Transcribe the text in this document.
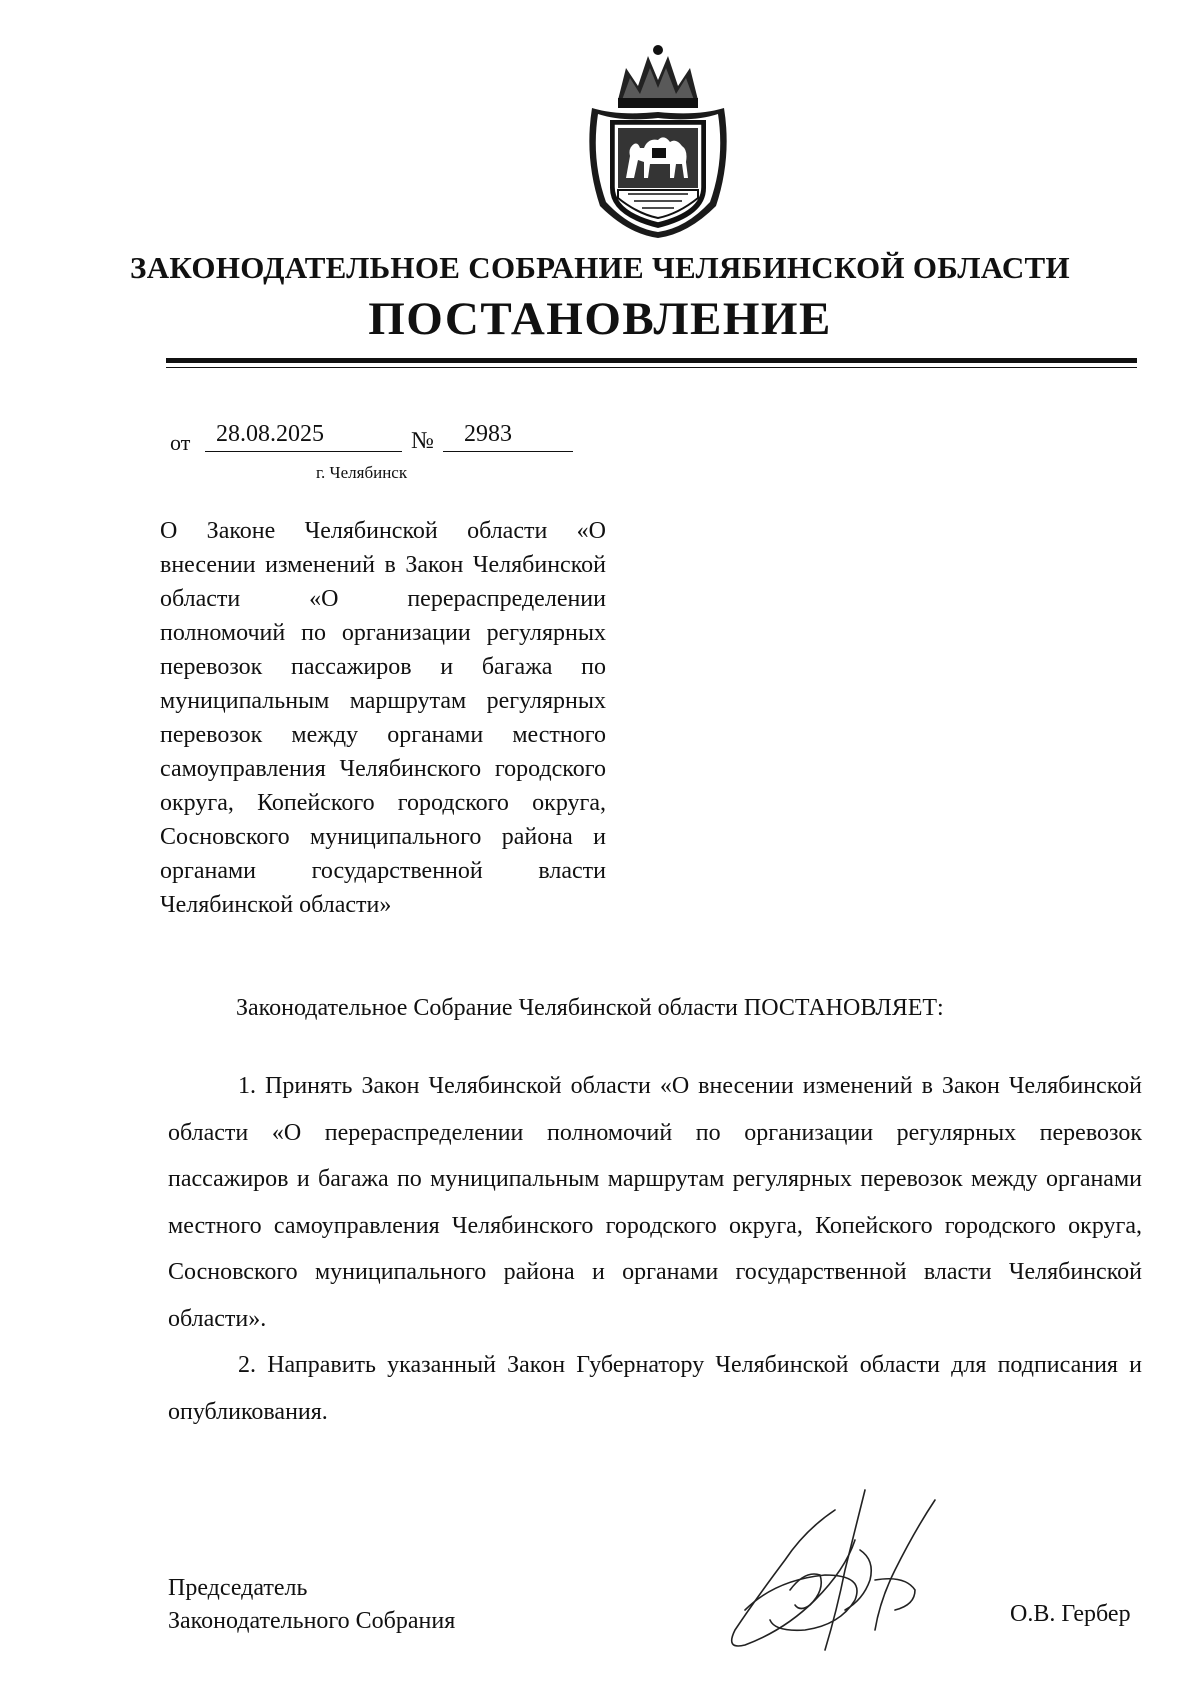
ЗАКОНОДАТЕЛЬНОЕ СОБРАНИЕ ЧЕЛЯБИНСКОЙ ОБЛАСТИ
ПОСТАНОВЛЕНИЕ
от	28.08.2025	№ 2983
г. Челябинск
О Законе Челябинской области «О внесении изменений в Закон Челябинской области «О перераспределении полномочий по организации регулярных перевозок пассажиров и багажа по муниципальным маршрутам регулярных перевозок между органами местного самоуправления Челябинского городского округа, Копейского городского округа, Сосновского муниципального района и органами государственной власти Челябинской области»
Законодательное Собрание Челябинской области ПОСТАНОВЛЯЕТ:
1. Принять Закон Челябинской области «О внесении изменений в Закон Челябинской области «О перераспределении полномочий по организации регулярных перевозок пассажиров и багажа по муниципальным маршрутам регулярных перевозок между органами местного самоуправления Челябинского городского округа, Копейского городского округа, Сосновского муниципального района и органами государственной власти Челябинской области».
2. Направить указанный Закон Губернатору Челябинской области для подписания и опубликования.
Председатель
Законодательного Собрания	О.В. Гербер
